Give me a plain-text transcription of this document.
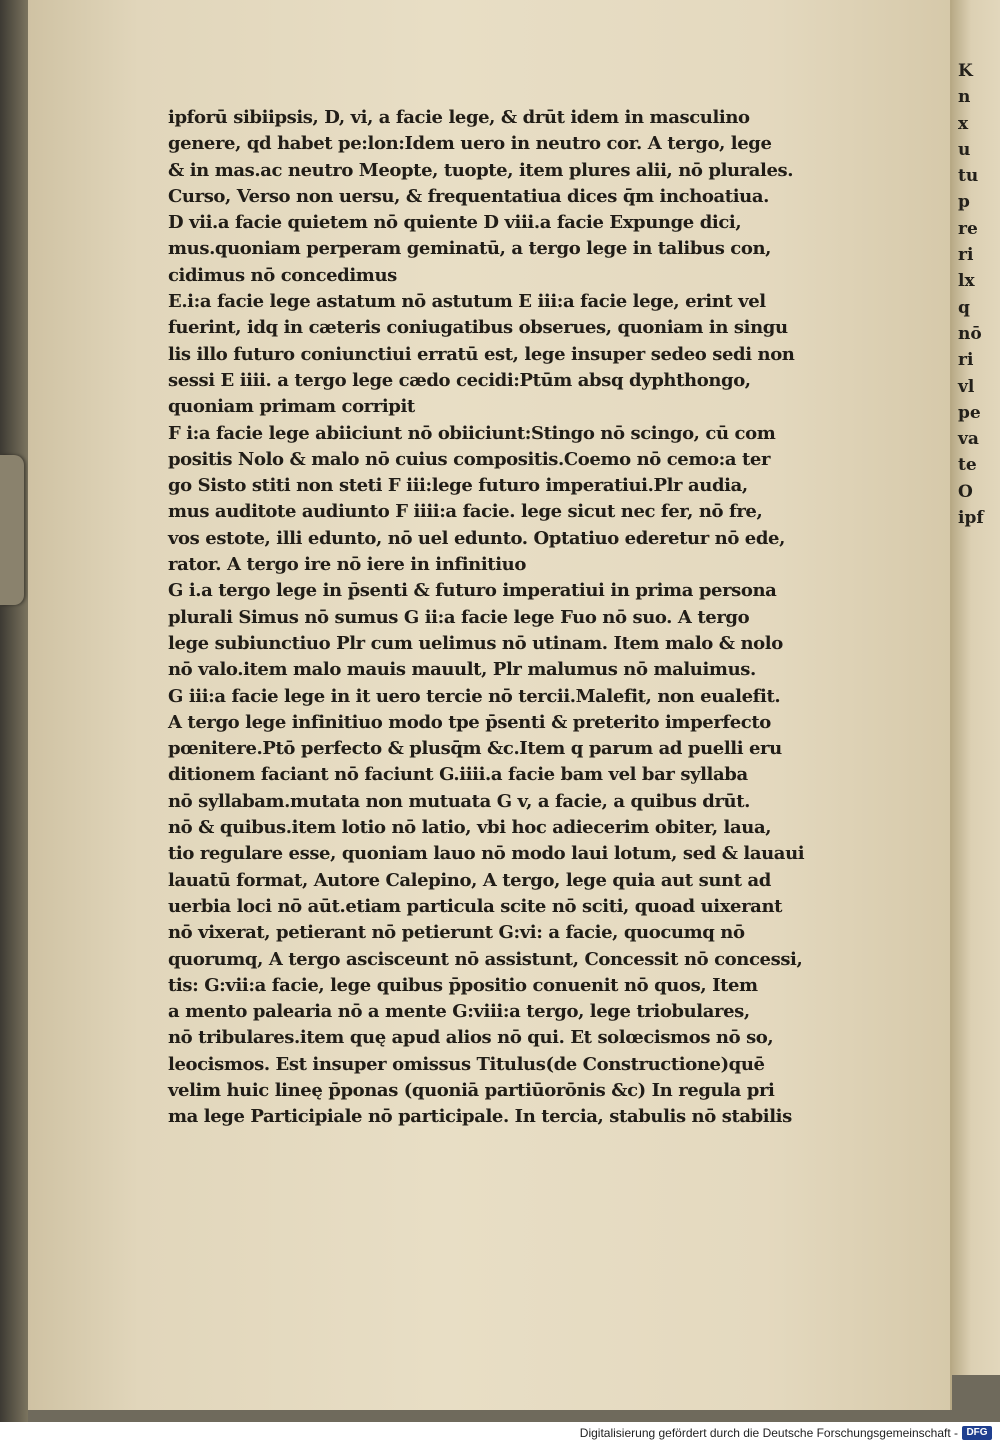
ipforū sibiipsis, D, vi, a facie lege, & drūt idem in masculino
genere, qd habet pe:lon:Idem uero in neutro cor. A tergo, lege
& in mas.ac neutro Meopte, tuopte, item plures alii, nō plurales.
Curso, Verso non uersu, & frequentatiua dices q̄m inchoatiua.
D vii.a facie quietem nō quiente D viii.a facie Expunge dici,
mus.quoniam perperam geminatū, a tergo lege in talibus con,
cidimus nō concedimus
E.i:a facie lege astatum nō astutum E iii:a facie lege, erint vel
fuerint, idq in cæteris coniugatibus obserues, quoniam in singu
lis illo futuro coniunctiui erratū est, lege insuper sedeo sedi non
sessi E iiii. a tergo lege cædo cecidi:Ptūm absq dyphthongo,
quoniam primam corripit
F i:a facie lege abiiciunt nō obiiciunt:Stingo nō scingo, cū com
positis Nolo & malo nō cuius compositis.Coemo nō cemo:a ter
go Sisto stiti non steti F iii:lege futuro imperatiui.Plr audia,
mus auditote audiunto F iiii:a facie. lege sicut nec fer, nō fre,
vos estote, illi edunto, nō uel edunto. Optatiuo ederetur nō ede,
rator. A tergo ire nō iere in infinitiuo
G i.a tergo lege in p̄senti & futuro imperatiui in prima persona
plurali Simus nō sumus G ii:a facie lege Fuo nō suo. A tergo
lege subiunctiuo Plr cum uelimus nō utinam. Item malo & nolo
nō valo.item malo mauis mauult, Plr malumus nō maluimus.
G iii:a facie lege in it uero tercie nō tercii.Malefit, non eualefit.
A tergo lege infinitiuo modo tpe p̄senti & preterito imperfecto
pœnitere.Ptō perfecto & plusq̄m &c.Item q parum ad puelli eru
ditionem faciant nō faciunt G.iiii.a facie bam vel bar syllaba
nō syllabam.mutata non mutuata G v, a facie, a quibus drūt.
nō & quibus.item lotio nō latio, vbi hoc adiecerim obiter, laua,
tio regulare esse, quoniam lauo nō modo laui lotum, sed & lauaui
lauatū format, Autore Calepino, A tergo, lege quia aut sunt ad
uerbia loci nō aūt.etiam particula scite nō sciti, quoad uixerant
nō vixerat, petierant nō petierunt G:vi: a facie, quocumq nō
quorumq, A tergo ascisceunt nō assistunt, Concessit nō concessi,
tis: G:vii:a facie, lege quibus p̄positio conuenit nō quos, Item
a mento palearia nō a mente G:viii:a tergo, lege triobulares,
nō tribulares.item quę apud alios nō qui. Et solœcismos nō so,
leocismos. Est insuper omissus Titulus(de Constructione)quē
velim huic lineę p̄ponas (quoniā partiūorōnis &c) In regula pri
ma lege Participiale nō participale. In tercia, stabulis nō stabilis
K
n
x
u
tu
p
re
ri
lx
q
nō
ri
vl
pe
va
te
O
ipf
Digitalisierung gefördert durch die Deutsche Forschungsgemeinschaft - DFG
